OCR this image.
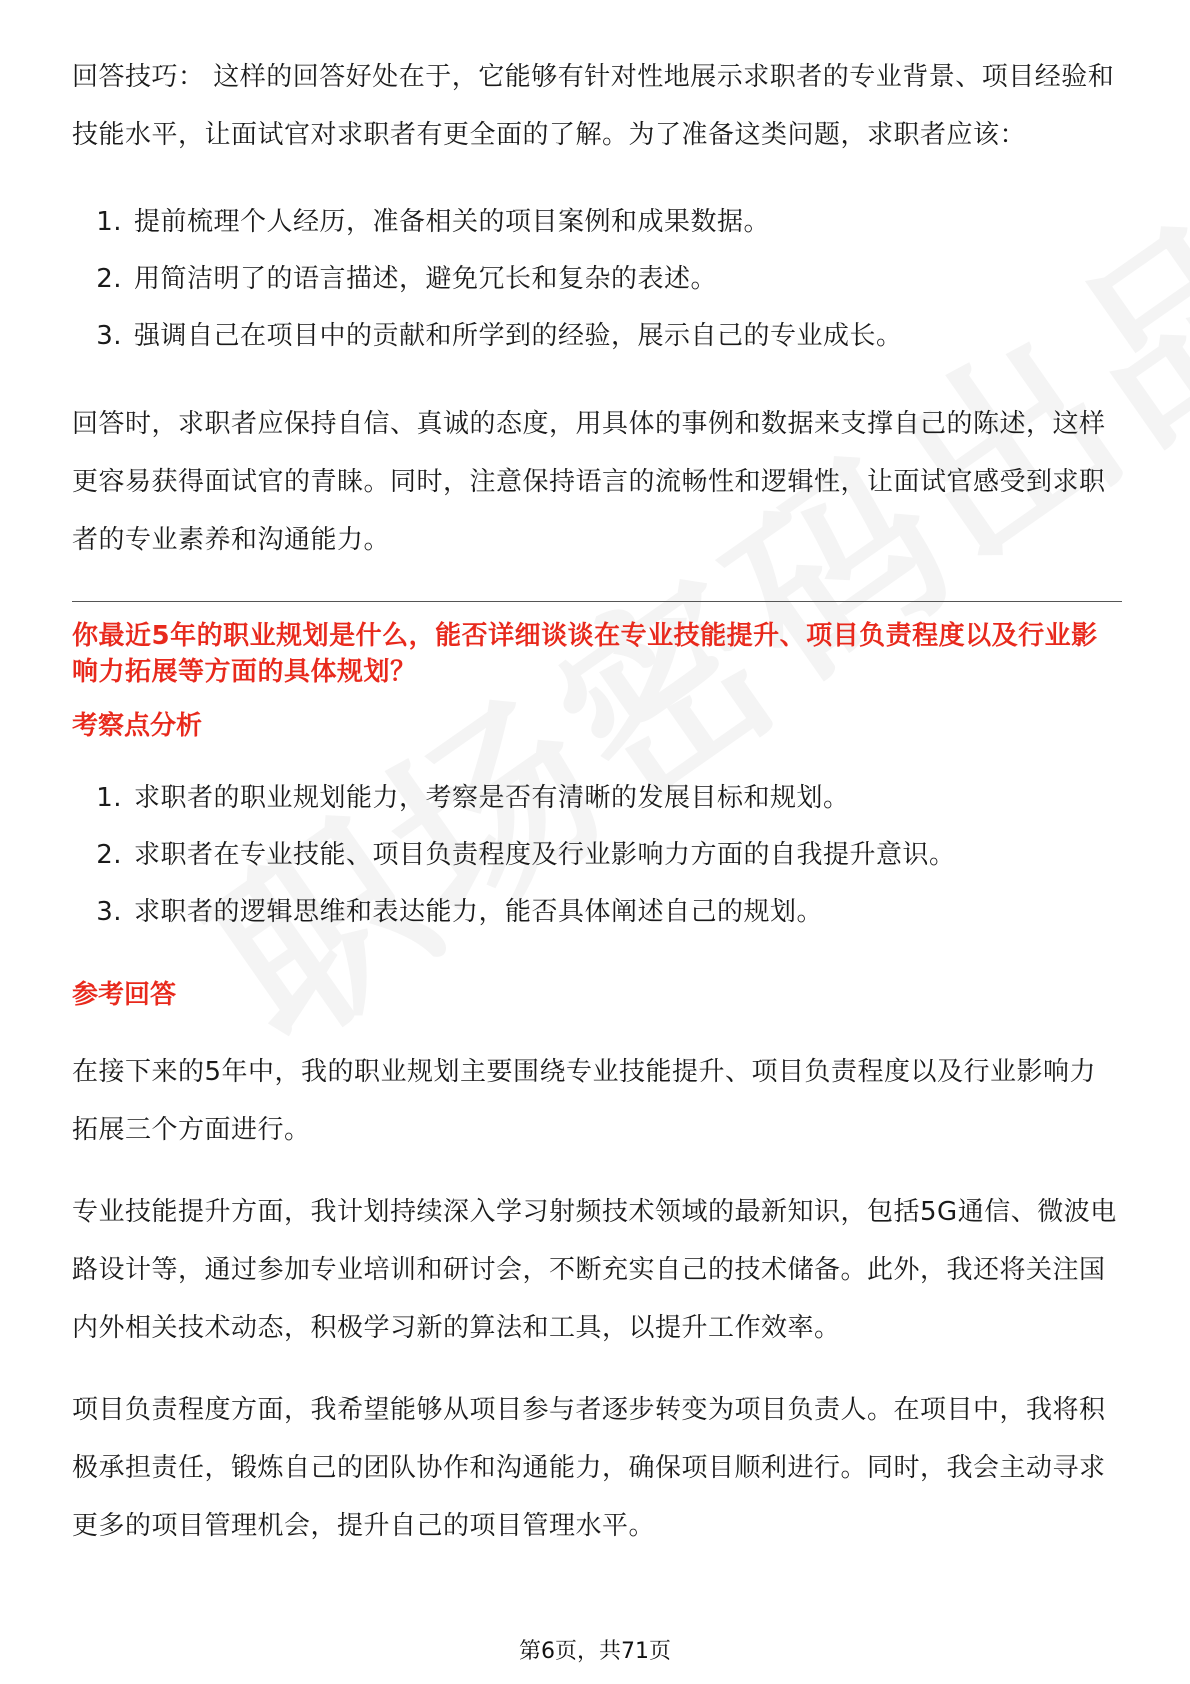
回答技巧： 这样的回答好处在于，它能够有针对性地展示求职者的专业背景、项目经验和技能水平，让面试官对求职者有更全面的了解。为了准备这类问题，求职者应该：

1. 提前梳理个人经历，准备相关的项目案例和成果数据。
2. 用简洁明了的语言描述，避免冗长和复杂的表述。
3. 强调自己在项目中的贡献和所学到的经验，展示自己的专业成长。

回答时，求职者应保持自信、真诚的态度，用具体的事例和数据来支撑自己的陈述，这样更容易获得面试官的青睐。同时，注意保持语言的流畅性和逻辑性，让面试官感受到求职者的专业素养和沟通能力。

你最近5年的职业规划是什么，能否详细谈谈在专业技能提升、项目负责程度以及行业影响力拓展等方面的具体规划？

考察点分析

1. 求职者的职业规划能力，考察是否有清晰的发展目标和规划。
2. 求职者在专业技能、项目负责程度及行业影响力方面的自我提升意识。
3. 求职者的逻辑思维和表达能力，能否具体阐述自己的规划。

参考回答

在接下来的5年中，我的职业规划主要围绕专业技能提升、项目负责程度以及行业影响力拓展三个方面进行。

专业技能提升方面，我计划持续深入学习射频技术领域的最新知识，包括5G通信、微波电路设计等，通过参加专业培训和研讨会，不断充实自己的技术储备。此外，我还将关注国内外相关技术动态，积极学习新的算法和工具，以提升工作效率。

项目负责程度方面，我希望能够从项目参与者逐步转变为项目负责人。在项目中，我将积极承担责任，锻炼自己的团队协作和沟通能力，确保项目顺利进行。同时，我会主动寻求更多的项目管理机会，提升自己的项目管理水平。

第6页，共71页
